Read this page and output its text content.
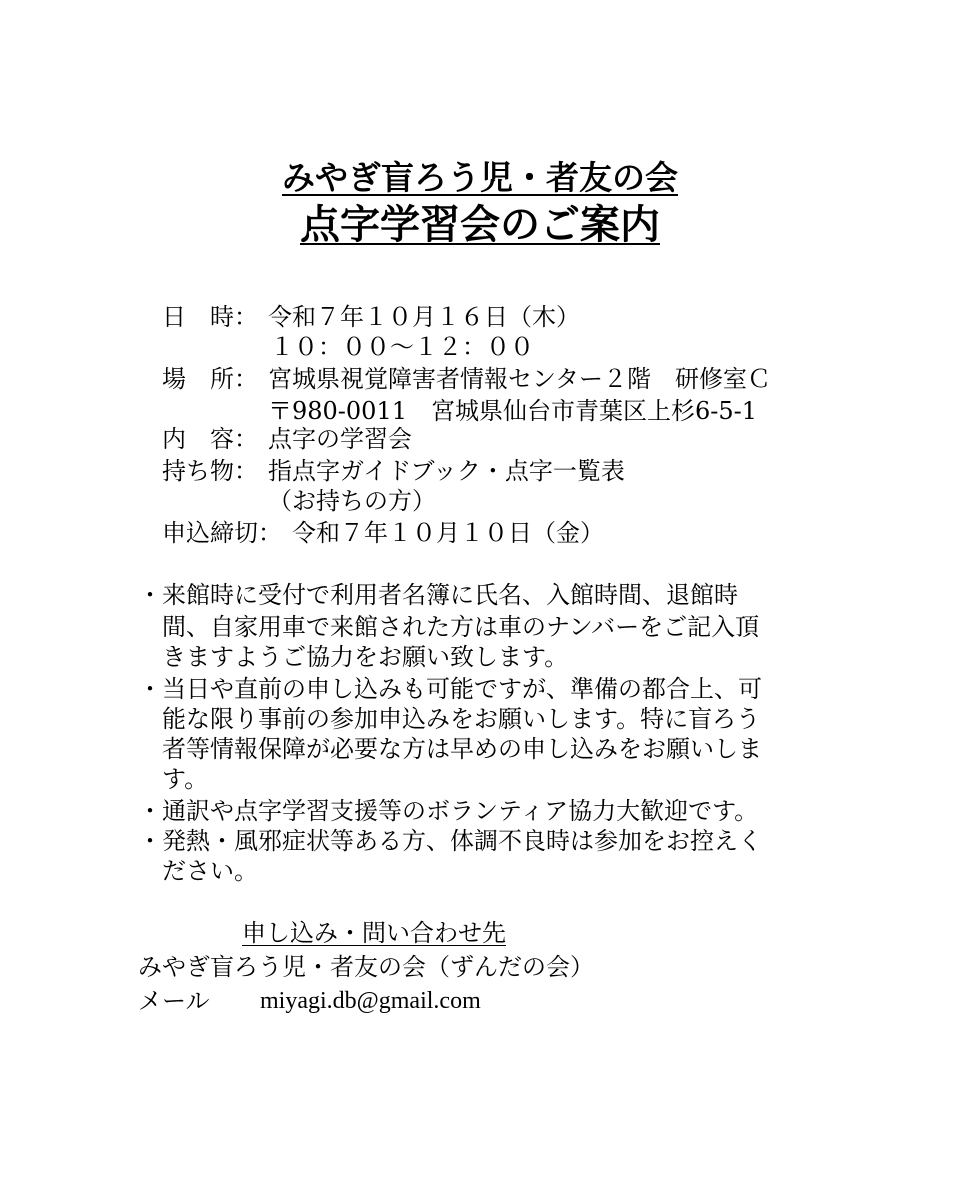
みやぎ盲ろう児・者友の会
点字学習会のご案内
日　時： 令和７年１０月１６日（木）
１０：００～１２：００
場　所： 宮城県視覚障害者情報センター２階　研修室Ｃ
〒980-0011　宮城県仙台市青葉区上杉6-5-1
内　容： 点字の学習会
持ち物： 指点字ガイドブック・点字一覧表
（お持ちの方）
申込締切： 令和７年１０月１０日（金）
・来館時に受付で利用者名簿に氏名、入館時間、退館時
　間、自家用車で来館された方は車のナンバーをご記入頂
　きますようご協力をお願い致します。
・当日や直前の申し込みも可能ですが、準備の都合上、可
　能な限り事前の参加申込みをお願いします。特に盲ろう
　者等情報保障が必要な方は早めの申し込みをお願いしま
　す。
・通訳や点字学習支援等のボランティア協力大歓迎です。
・発熱・風邪症状等ある方、体調不良時は参加をお控えく
　ださい。
申し込み・問い合わせ先
みやぎ盲ろう児・者友の会（ずんだの会）
メール miyagi.db@gmail.com
